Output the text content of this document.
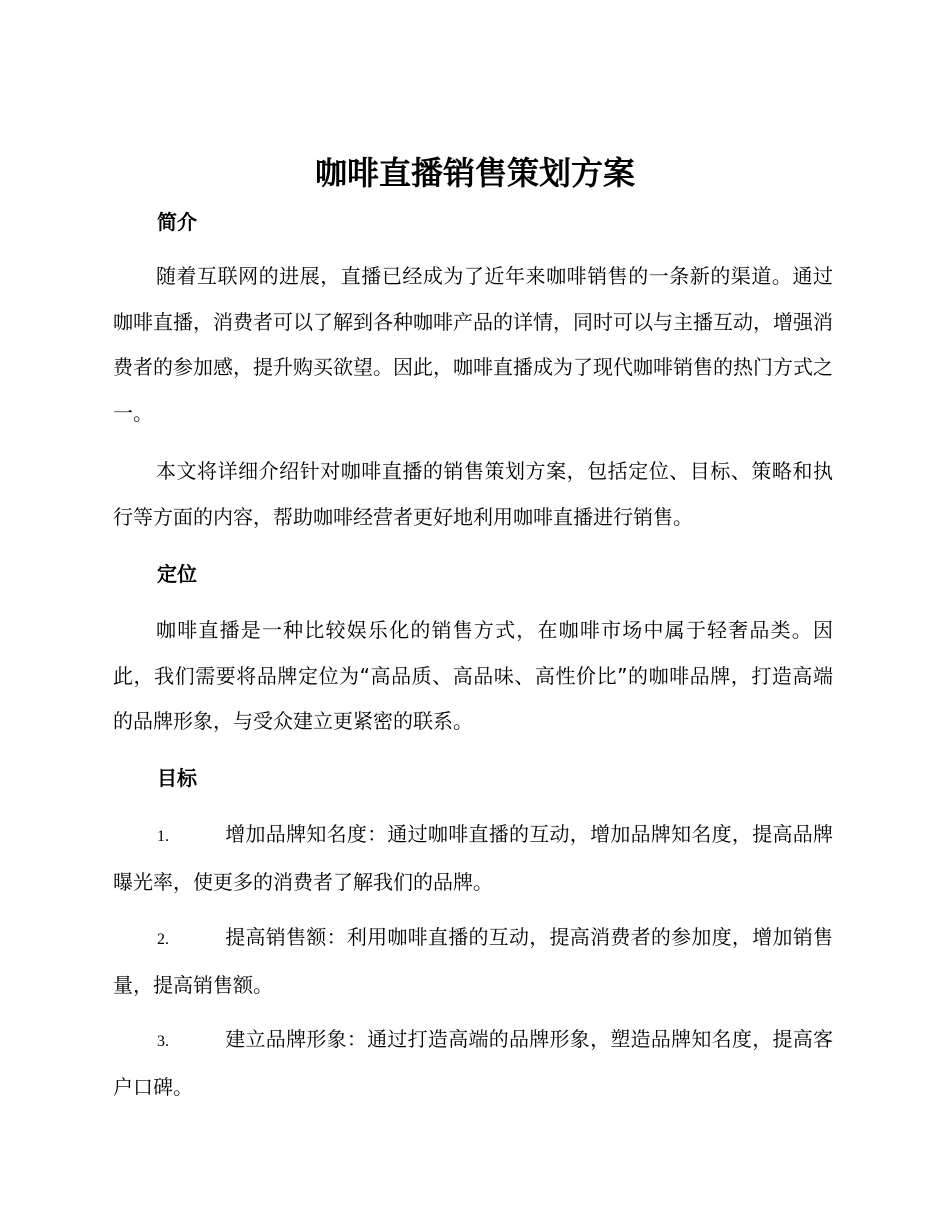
咖啡直播销售策划方案
简介
随着互联网的进展，直播已经成为了近年来咖啡销售的一条新的渠道。通过咖啡直播，消费者可以了解到各种咖啡产品的详情，同时可以与主播互动，增强消费者的参加感，提升购买欲望。因此，咖啡直播成为了现代咖啡销售的热门方式之一。
本文将详细介绍针对咖啡直播的销售策划方案，包括定位、目标、策略和执行等方面的内容，帮助咖啡经营者更好地利用咖啡直播进行销售。
定位
咖啡直播是一种比较娱乐化的销售方式，在咖啡市场中属于轻奢品类。因此，我们需要将品牌定位为“高品质、高品味、高性价比”的咖啡品牌，打造高端的品牌形象，与受众建立更紧密的联系。
目标
1.	增加品牌知名度：通过咖啡直播的互动，增加品牌知名度，提高品牌曝光率，使更多的消费者了解我们的品牌。
2.	提高销售额：利用咖啡直播的互动，提高消费者的参加度，增加销售量，提高销售额。
3.	建立品牌形象：通过打造高端的品牌形象，塑造品牌知名度，提高客户口碑。
